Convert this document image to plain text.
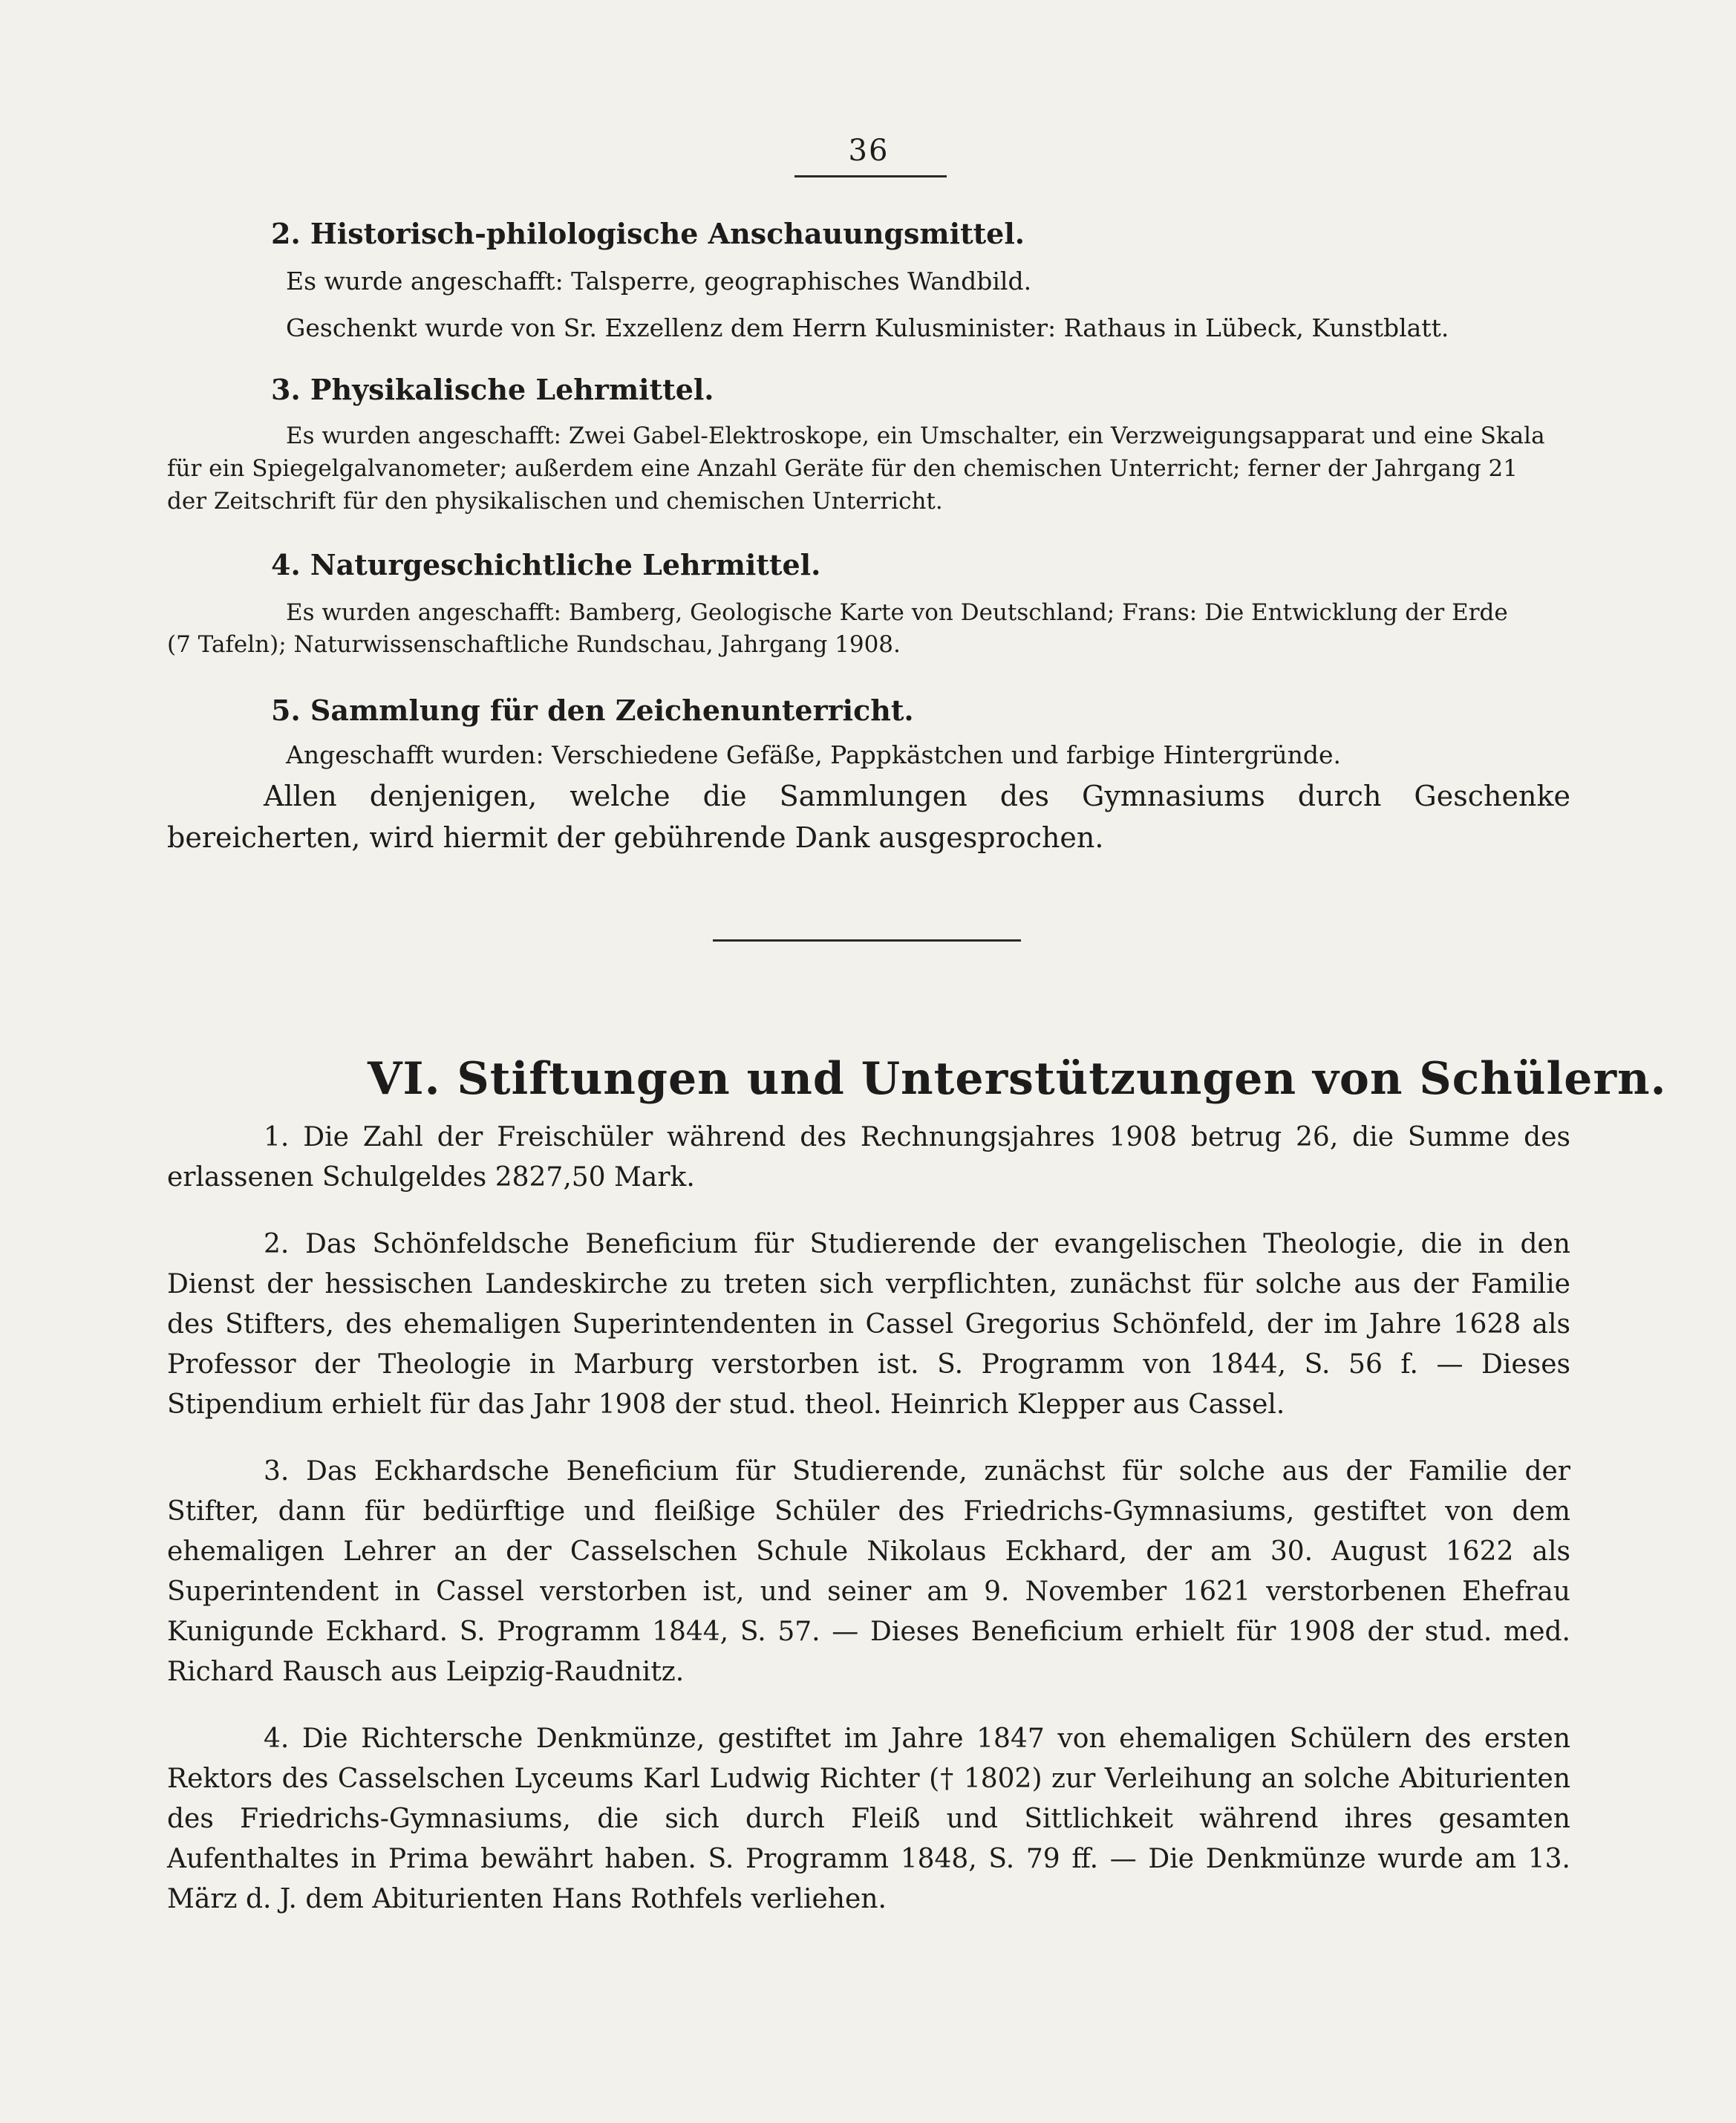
36
2. Historisch-philologische Anschauungsmittel.
Es wurde angeschafft: Talsperre, geographisches Wandbild.
Geschenkt wurde von Sr. Exzellenz dem Herrn Kulusminister: Rathaus in Lübeck, Kunstblatt.
3. Physikalische Lehrmittel.
Es wurden angeschafft: Zwei Gabel-Elektroskope, ein Umschalter, ein Verzweigungsapparat und eine Skala
für ein Spiegelgalvanometer; außerdem eine Anzahl Geräte für den chemischen Unterricht; ferner der Jahrgang 21
der Zeitschrift für den physikalischen und chemischen Unterricht.
4. Naturgeschichtliche Lehrmittel.
Es wurden angeschafft: Bamberg, Geologische Karte von Deutschland; Frans: Die Entwicklung der Erde
(7 Tafeln); Naturwissenschaftliche Rundschau, Jahrgang 1908.
5. Sammlung für den Zeichenunterricht.
Angeschafft wurden: Verschiedene Gefäße, Pappkästchen und farbige Hintergründe.

Allen denjenigen, welche die Sammlungen des Gymnasiums durch Geschenke bereicherten, wird hiermit der gebührende Dank ausgesprochen.

VI. Stiftungen und Unterstützungen von Schülern.

1. Die Zahl der Freischüler während des Rechnungsjahres 1908 betrug 26, die Summe des erlassenen Schulgeldes 2827,50 Mark.

2. Das Schönfeldsche Beneficium für Studierende der evangelischen Theologie, die in den Dienst der hessischen Landeskirche zu treten sich verpflichten, zunächst für solche aus der Familie des Stifters, des ehemaligen Superintendenten in Cassel Gregorius Schönfeld, der im Jahre 1628 als Professor der Theologie in Marburg verstorben ist. S. Programm von 1844, S. 56 f. — Dieses Stipendium erhielt für das Jahr 1908 der stud. theol. Heinrich Klepper aus Cassel.

3. Das Eckhardsche Beneficium für Studierende, zunächst für solche aus der Familie der Stifter, dann für bedürftige und fleißige Schüler des Friedrichs-Gymnasiums, gestiftet von dem ehemaligen Lehrer an der Casselschen Schule Nikolaus Eckhard, der am 30. August 1622 als Superintendent in Cassel verstorben ist, und seiner am 9. November 1621 verstorbenen Ehefrau Kunigunde Eckhard. S. Programm 1844, S. 57. — Dieses Beneficium erhielt für 1908 der stud. med. Richard Rausch aus Leipzig-Raudnitz.

4. Die Richtersche Denkmünze, gestiftet im Jahre 1847 von ehemaligen Schülern des ersten Rektors des Casselschen Lyceums Karl Ludwig Richter († 1802) zur Verleihung an solche Abiturienten des Friedrichs-Gymnasiums, die sich durch Fleiß und Sittlichkeit während ihres gesamten Aufenthaltes in Prima bewährt haben. S. Programm 1848, S. 79 ff. — Die Denkmünze wurde am 13. März d. J. dem Abiturienten Hans Rothfels verliehen.
